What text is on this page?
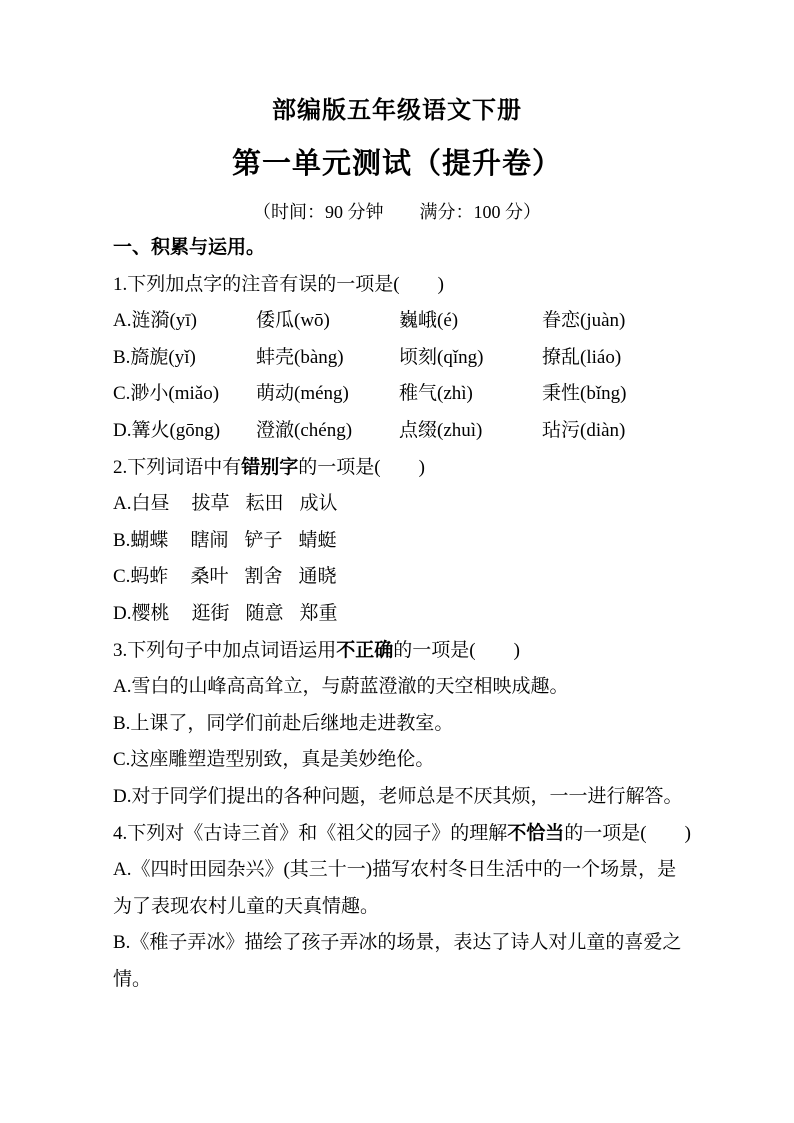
部编版五年级语文下册
第一单元测试（提升卷）
（时间：90 分钟　　满分：100 分）
一、积累与运用。
1.下列加点字的注音有误的一项是(　　)
A.涟漪(yī)	倭瓜(wō)	巍峨(é)	眷恋(juàn)
B.旖旎(yǐ)	蚌壳(bàng)	顷刻(qǐng)	撩乱(liáo)
C.渺小(miǎo)	萌动(méng)	稚气(zhì)	秉性(bǐng)
D.篝火(gōng)	澄澈(chéng)	点缀(zhuì)	玷污(diàn)
2.下列词语中有错别字的一项是(　　)
A.白昼 拔草 耘田 成认
B.蝴蝶 瞎闹 铲子 蜻蜓
C.蚂蚱 桑叶 割舍 通晓
D.樱桃 逛街 随意 郑重
3.下列句子中加点词语运用不正确的一项是(　　)
A.雪白的山峰高高耸立，与蔚蓝澄澈的天空相映成趣。
B.上课了，同学们前赴后继地走进教室。
C.这座雕塑造型别致，真是美妙绝伦。
D.对于同学们提出的各种问题，老师总是不厌其烦，一一进行解答。
4.下列对《古诗三首》和《祖父的园子》的理解不恰当的一项是(　　)
A.《四时田园杂兴》(其三十一)描写农村冬日生活中的一个场景，是
为了表现农村儿童的天真情趣。
B.《稚子弄冰》描绘了孩子弄冰的场景，表达了诗人对儿童的喜爱之
情。
